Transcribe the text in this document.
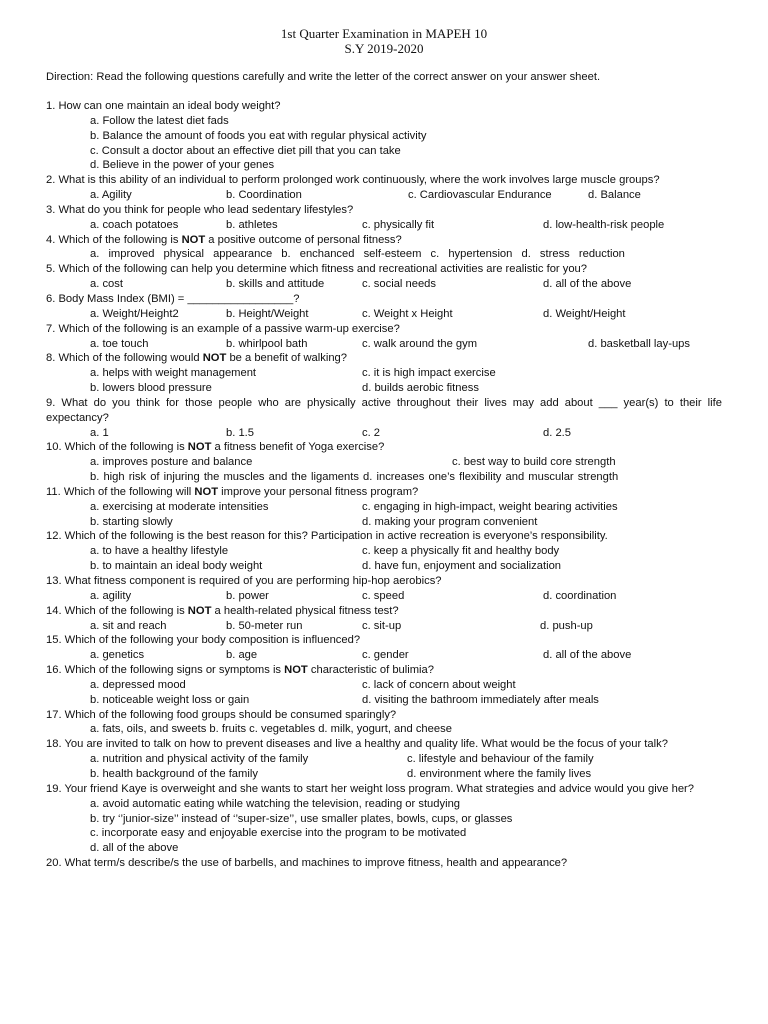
1st Quarter Examination in MAPEH 10
S.Y 2019-2020
Direction: Read the following questions carefully and write the letter of the correct answer on your answer sheet.
1. How can one maintain an ideal body weight?
a. Follow the latest diet fads
b. Balance the amount of foods you eat with regular physical activity
c. Consult a doctor about an effective diet pill that you can take
d. Believe in the power of your genes
2. What is this ability of an individual to perform prolonged work continuously, where the work involves large muscle groups?
a. Agility	b. Coordination	c. Cardiovascular Endurance	d. Balance
3. What do you think for people who lead sedentary lifestyles?
a. coach potatoes	b. athletes	c. physically fit	d. low-health-risk people
4. Which of the following is NOT a positive outcome of personal fitness?
a. improved physical appearance b. enchanced self-esteem c. hypertension d. stress reduction
5. Which of the following can help you determine which fitness and recreational activities are realistic for you?
a. cost	b. skills and attitude	c. social needs	d. all of the above
6. Body Mass Index (BMI) = _________________?
a. Weight/Height2	b. Height/Weight	c. Weight x Height	d. Weight/Height
7. Which of the following is an example of a passive warm-up exercise?
a. toe touch	b. whirlpool bath	c. walk around the gym	d. basketball lay-ups
8. Which of the following would NOT be a benefit of walking?
a. helps with weight management	c. it is high impact exercise
b. lowers blood pressure	d. builds aerobic fitness
9. What do you think for those people who are physically active throughout their lives may add about ___ year(s) to their life expectancy?
a. 1	b. 1.5	c. 2	d. 2.5
10. Which of the following is NOT a fitness benefit of Yoga exercise?
a. improves posture and balance	c. best way to build core strength
b. high risk of injuring the muscles and the ligaments d. increases one’s flexibility and muscular strength
11. Which of the following will NOT improve your personal fitness program?
a. exercising at moderate intensities	c. engaging in high-impact, weight bearing activities
b. starting slowly	d. making your program convenient
12. Which of the following is the best reason for this? Participation in active recreation is everyone’s responsibility.
a. to have a healthy lifestyle	c. keep a physically fit and healthy body
b. to maintain an ideal body weight	d. have fun, enjoyment and socialization
13. What fitness component is required of you are performing hip-hop aerobics?
a. agility	b. power	c. speed	d. coordination
14. Which of the following is NOT a health-related physical fitness test?
a. sit and reach	b. 50-meter run	c. sit-up	d. push-up
15. Which of the following your body composition is influenced?
a. genetics	b. age	c. gender	d. all of the above
16. Which of the following signs or symptoms is NOT characteristic of bulimia?
a. depressed mood	c. lack of concern about weight
b. noticeable weight loss or gain	d. visiting the bathroom immediately after meals
17. Which of the following food groups should be consumed sparingly?
a. fats, oils, and sweets b. fruits c. vegetables d. milk, yogurt, and cheese
18. You are invited to talk on how to prevent diseases and live a healthy and quality life. What would be the focus of your talk?
a. nutrition and physical activity of the family	c. lifestyle and behaviour of the family
b. health background of the family	d. environment where the family lives
19. Your friend Kaye is overweight and she wants to start her weight loss program. What strategies and advice would you give her?
a. avoid automatic eating while watching the television, reading or studying
b. try ‘’junior-size’’ instead of ‘’super-size’’, use smaller plates, bowls, cups, or glasses
c. incorporate easy and enjoyable exercise into the program to be motivated
d. all of the above
20. What term/s describe/s the use of barbells, and machines to improve fitness, health and appearance?
